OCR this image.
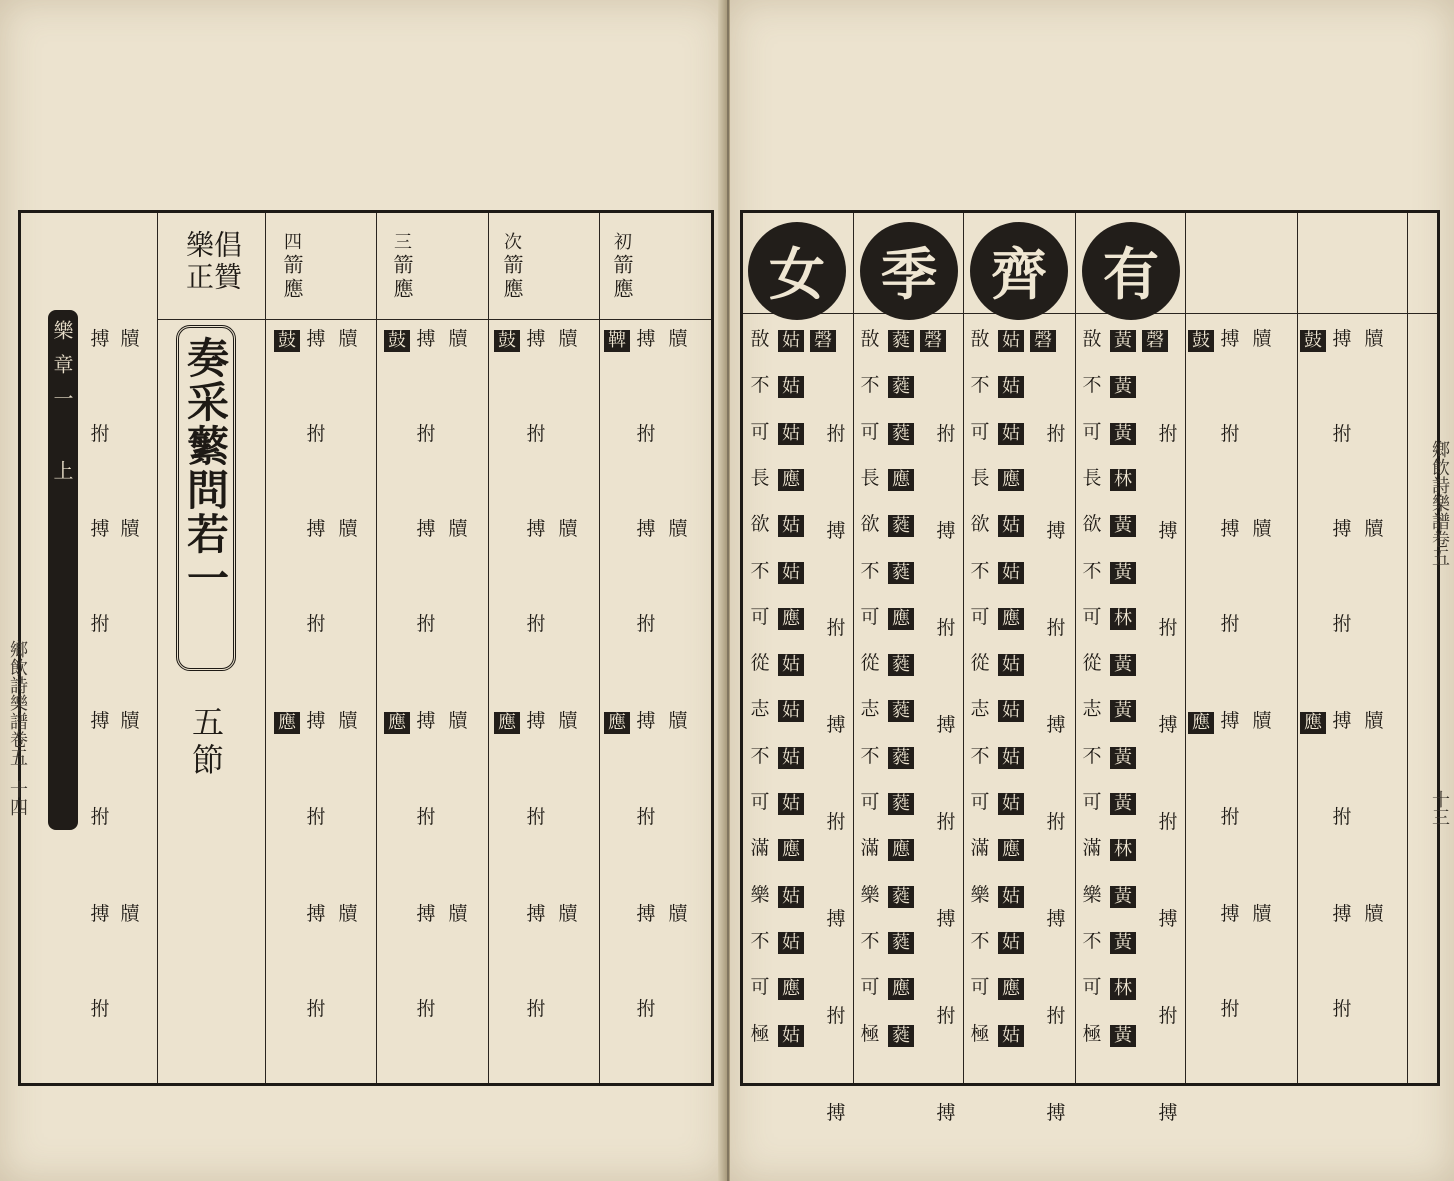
樂章一 上
樂正
倡贊
奏采蘩問若一
五節
四
箭應
三
箭應
次
箭應
初
箭應
搏 牘
拊
搏 牘
拊
搏 牘
拊
搏 牘
拊
鼓
應
搏 牘
拊
搏 牘
拊
搏 牘
拊
搏 牘
拊
鼓
應
搏 牘
拊
搏 牘
拊
搏 牘
拊
搏 牘
拊
鼓
應
搏 牘
拊
搏 牘
拊
搏 牘
拊
搏 牘
拊
鞞
應
搏 牘
拊
搏 牘
拊
搏 牘
拊
搏 牘
拊
鄉飲詩樂譜卷五
十四
女	季 齊	有
敔
不
可
長
欲
不
可
從
志
不
可
滿
樂
不
可
極
姑
姑
姑
應
姑
姑
應
姑
姑
姑
姑
應
姑
姑
應
姑
磬
拊
搏
拊
搏
拊
搏
拊
搏
敔
不
可
長
欲
不
可
從
志
不
可
滿
樂
不
可
極
蕤
蕤
蕤
應
蕤
蕤
應
蕤
蕤
蕤
蕤
應
蕤
蕤
應
蕤
磬
拊
搏
拊
搏
拊
搏
拊
搏
敔
不
可
長
欲
不
可
從
志
不
可
滿
樂
不
可
極
姑
姑
姑
應
姑
姑
應
姑
姑
姑
姑
應
姑
姑
應
姑
磬
拊
搏
拊
搏
拊
搏
拊
搏
敔
不
可
長
欲
不
可
從
志
不
可
滿
樂
不
可
極
黃
黃
黃
林
黃
黃
林
黃
黃
黃
黃
林
黃
黃
林
黃
磬
拊
搏
拊
搏
拊
搏
拊
搏
搏 牘
拊
搏 牘
拊
搏 牘
拊
搏 牘
拊
鼓
應
搏 牘
拊
搏 牘
拊
搏 牘
拊
搏 牘
拊
鼓
應
鄉飲詩樂譜卷五
十三
